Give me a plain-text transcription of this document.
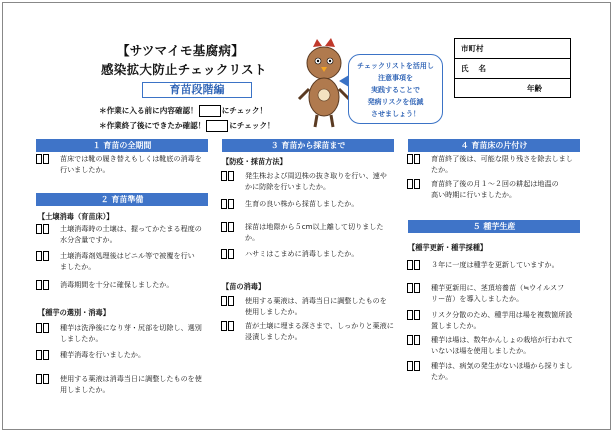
【サツマイモ基腐病】
感染拡大防止チェックリスト
育苗段階編
＊作業に入る前に内容確認！	にチェック！
＊作業終了後にできたか確認！	にチェック！
チェックリストを活用し
注意事項を
実践することで
発病リスクを低減
させましょう！
市町村
氏 名
年齢
１ 育苗の全期間
２ 育苗準備
【土壌消毒（育苗床）】
【種芋の選別・消毒】
３ 育苗から採苗まで
【防疫・採苗方法】
【苗の消毒】
４ 育苗床の片付け
５ 種芋生産
【種芋更新・種芋採種】
苗床では靴の履き替えもしくは靴底の消毒を
行いましたか。
土壌消毒時の土壌は、握ってかたまる程度の
水分含量ですか。
土壌消毒剤処理後はビニル等で被覆を行い
ましたか。
消毒期間を十分に確保しましたか。
種芋は洗浄後になり芽・尻部を切除し、選別
しましたか。
種芋消毒を行いましたか。
使用する薬液は消毒当日に調整したものを使
用しましたか。
発生株および周辺株の抜き取りを行い、速や
かに防除を行いましたか。
生育の良い株から採苗しましたか。
採苗は地際から５cm以上離して切りました
か。
ハサミはこまめに消毒しましたか。
使用する薬液は、消毒当日に調整したものを
使用しましたか。
苗が土壌に埋まる深さまで、しっかりと薬液に
浸漬しましたか。
育苗終了後は、可能な限り残さを除去しまし
たか。
育苗終了後の月１～２回の耕起は地温の
高い時期に行いましたか。
３年に一度は種芋を更新していますか。
種芋更新用に、茎頂培養苗（≒ウイルスフ
リー苗）を導入しましたか。
リスク分散のため、種芋用は場を複数箇所設
置しましたか。
種芋は場は、数年かんしょの栽培が行われて
いないほ場を使用しましたか。
種芋は、病気の発生がないほ場から採りまし
たか。
